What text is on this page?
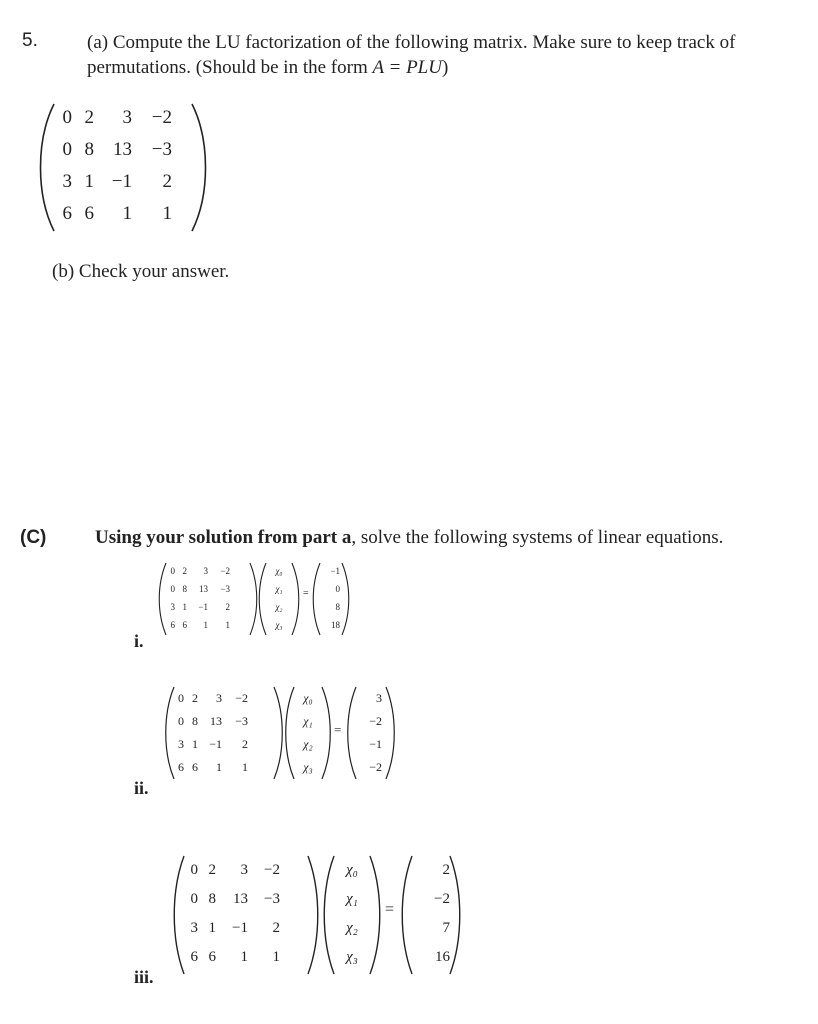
5.	(a) Compute the LU factorization of the following matrix. Make sure to keep track of
permutations. (Should be in the form A = PLU)
0 2	3	−2
0 8	13	−3
3 1 −1	2
6 6	1	1
(b) Check your answer.
(C)	Using your solution from part a, solve the following systems of linear equations.
0 2	3	−2
0 8	13	−3
3 1	−1	2
6 6	1	1
χ₀
χ₁
χ₂
χ₃
=
−1
0
8
18
i.
0 2	3	−2
0 8	13	−3
3 1 −1	2
6 6	1	1
χ₀
χ₁
χ₂
χ₃
=
3
−2
−1
−2
ii.
0 2	3	−2
0 8	13	−3
3 1	−1	2
6 6	1	1
χ₀
χ₁
χ₂
χ₃
=
2
−2
7
16
iii.
